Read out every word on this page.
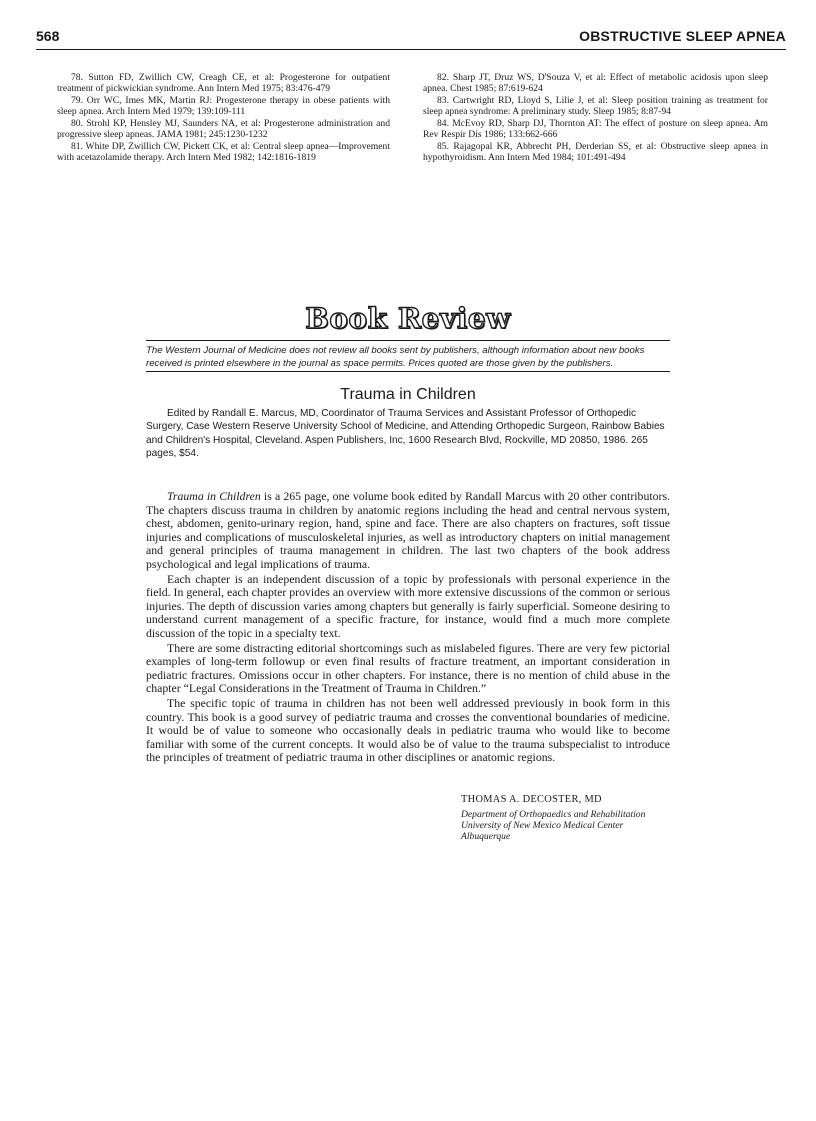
568	OBSTRUCTIVE SLEEP APNEA

78. Sutton FD, Zwillich CW, Creagh CE, et al: Progesterone for outpatient treatment of pickwickian syndrome. Ann Intern Med 1975; 83:476-479

79. Orr WC, Imes MK, Martin RJ: Progesterone therapy in obese patients with sleep apnea. Arch Intern Med 1979; 139:109-111

80. Strohl KP, Hensley MJ, Saunders NA, et al: Progesterone administration and progressive sleep apneas. JAMA 1981; 245:1230-1232

81. White DP, Zwillich CW, Pickett CK, et al: Central sleep apnea—Improvement with acetazolamide therapy. Arch Intern Med 1982; 142:1816-1819

82. Sharp JT, Druz WS, D'Souza V, et al: Effect of metabolic acidosis upon sleep apnea. Chest 1985; 87:619-624

83. Cartwright RD, Lloyd S, Lilie J, et al: Sleep position training as treatment for sleep apnea syndrome: A preliminary study. Sleep 1985; 8:87-94

84. McEvoy RD, Sharp DJ, Thornton AT: The effect of posture on sleep apnea. Am Rev Respir Dis 1986; 133:662-666

85. Rajagopal KR, Abbrecht PH, Derderian SS, et al: Obstructive sleep apnea in hypothyroidism. Ann Intern Med 1984; 101:491-494

Book Review
The Western Journal of Medicine does not review all books sent by publishers, although information about new books received is printed elsewhere in the journal as space permits. Prices quoted are those given by the publishers.
Trauma in Children
Edited by Randall E. Marcus, MD, Coordinator of Trauma Services and Assistant Professor of Orthopedic Surgery, Case Western Reserve University School of Medicine, and Attending Orthopedic Surgeon, Rainbow Babies and Children's Hospital, Cleveland. Aspen Publishers, Inc, 1600 Research Blvd, Rockville, MD 20850, 1986. 265 pages, $54.

Trauma in Children is a 265 page, one volume book edited by Randall Marcus with 20 other contributors. The chapters discuss trauma in children by anatomic regions including the head and central nervous system, chest, abdomen, genito-urinary region, hand, spine and face. There are also chapters on fractures, soft tissue injuries and complications of musculoskeletal injuries, as well as introductory chapters on initial management and general principles of trauma management in children. The last two chapters of the book address psychological and legal implications of trauma.

Each chapter is an independent discussion of a topic by professionals with personal experience in the field. In general, each chapter provides an overview with more extensive discussions of the common or serious injuries. The depth of discussion varies among chapters but generally is fairly superficial. Someone desiring to understand current management of a specific fracture, for instance, would find a much more complete discussion of the topic in a specialty text.

There are some distracting editorial shortcomings such as mislabeled figures. There are very few pictorial examples of long-term followup or even final results of fracture treatment, an important consideration in pediatric fractures. Omissions occur in other chapters. For instance, there is no mention of child abuse in the chapter “Legal Considerations in the Treatment of Trauma in Children.”

The specific topic of trauma in children has not been well addressed previously in book form in this country. This book is a good survey of pediatric trauma and crosses the conventional boundaries of medicine. It would be of value to someone who occasionally deals in pediatric trauma who would like to become familiar with some of the current concepts. It would also be of value to the trauma subspecialist to introduce the principles of treatment of pediatric trauma in other disciplines or anatomic regions.

THOMAS A. DECOSTER, MD
Department of Orthopaedics and Rehabilitation
University of New Mexico Medical Center
Albuquerque
